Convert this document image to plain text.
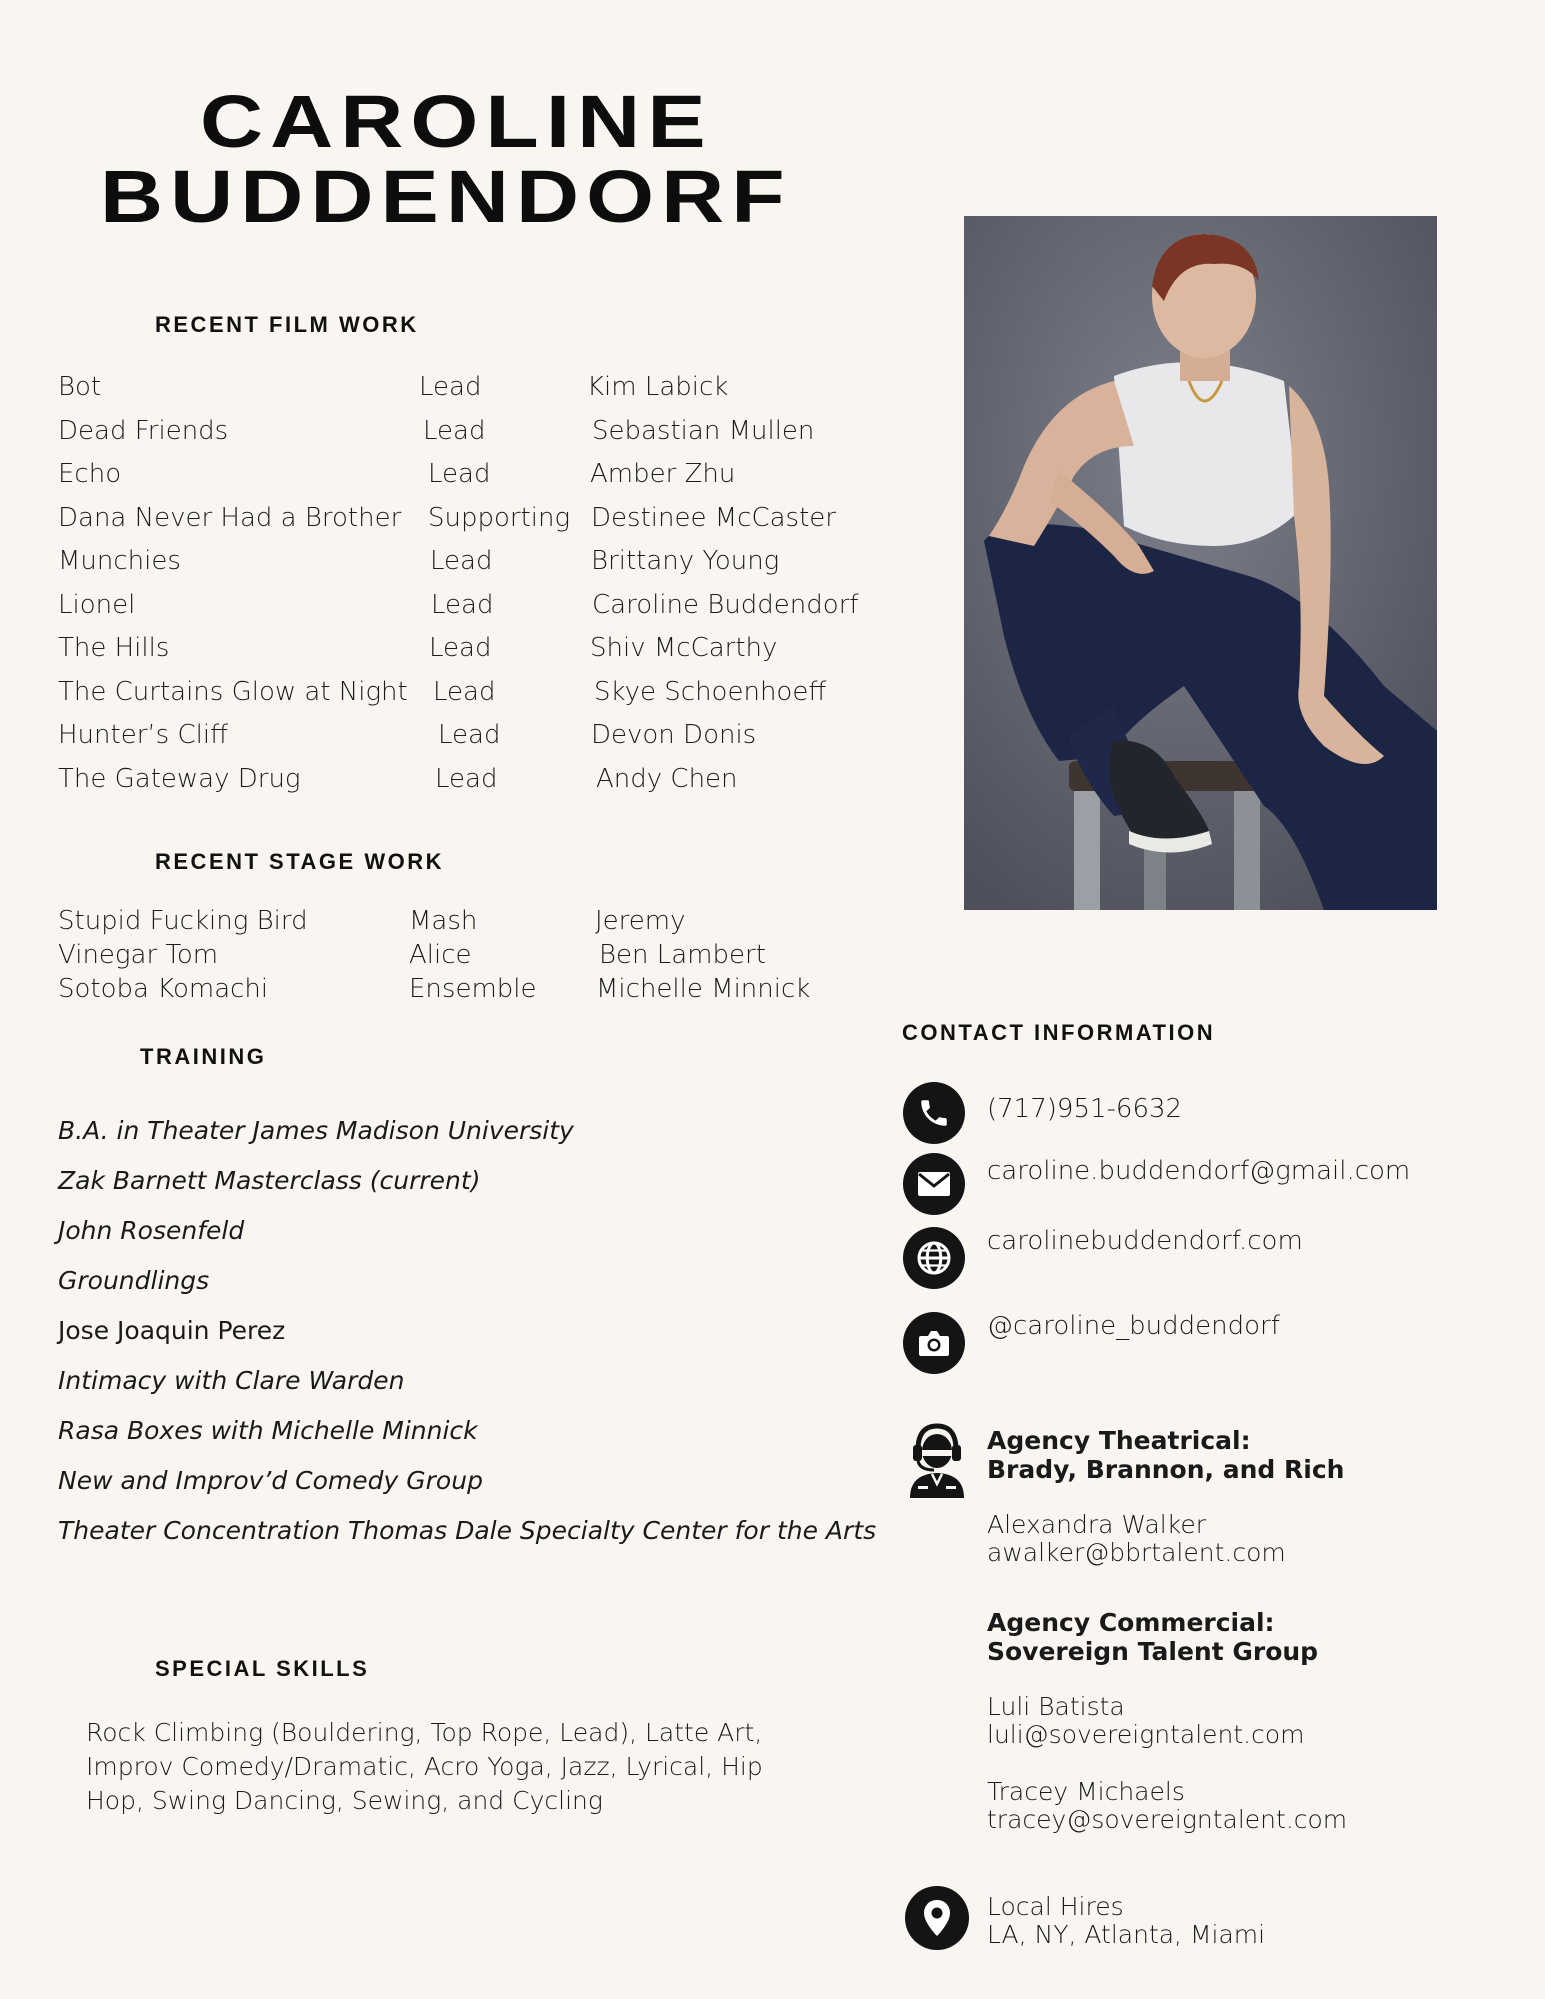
CAROLINE
BUDDENDORF
RECENT FILM WORK
Bot
Dead Friends
Echo
Dana Never Had a Brother
Munchies
Lionel
The Hills
The Curtains Glow at Night
Hunter’s Cliff
The Gateway Drug
Lead
Lead
Lead
Supporting
Lead
Lead
Lead
Lead
Lead
Lead
Kim Labick
Sebastian Mullen
Amber Zhu
Destinee McCaster
Brittany Young
Caroline Buddendorf
Shiv McCarthy
Skye Schoenhoeff
Devon Donis
Andy Chen
RECENT STAGE WORK
Stupid Fucking Bird
Vinegar Tom
Sotoba Komachi
Mash
Alice
Ensemble
Jeremy
Ben Lambert
Michelle Minnick
TRAINING
B.A. in Theater James Madison University
Zak Barnett Masterclass (current)
John Rosenfeld
Groundlings
Jose Joaquin Perez
Intimacy with Clare Warden
Rasa Boxes with Michelle Minnick
New and Improv’d Comedy Group
Theater Concentration Thomas Dale Specialty Center for the Arts
SPECIAL SKILLS
Rock Climbing (Bouldering, Top Rope, Lead), Latte Art,
Improv Comedy/Dramatic, Acro Yoga, Jazz, Lyrical, Hip
Hop, Swing Dancing, Sewing, and Cycling
CONTACT INFORMATION
(717)951-6632
caroline.buddendorf@gmail.com
carolinebuddendorf.com
@caroline_buddendorf
Agency Theatrical:
Brady, Brannon, and Rich
Alexandra Walker
awalker@bbrtalent.com
Agency Commercial:
Sovereign Talent Group
Luli Batista
luli@sovereigntalent.com
Tracey Michaels
tracey@sovereigntalent.com
Local Hires
LA, NY, Atlanta, Miami
